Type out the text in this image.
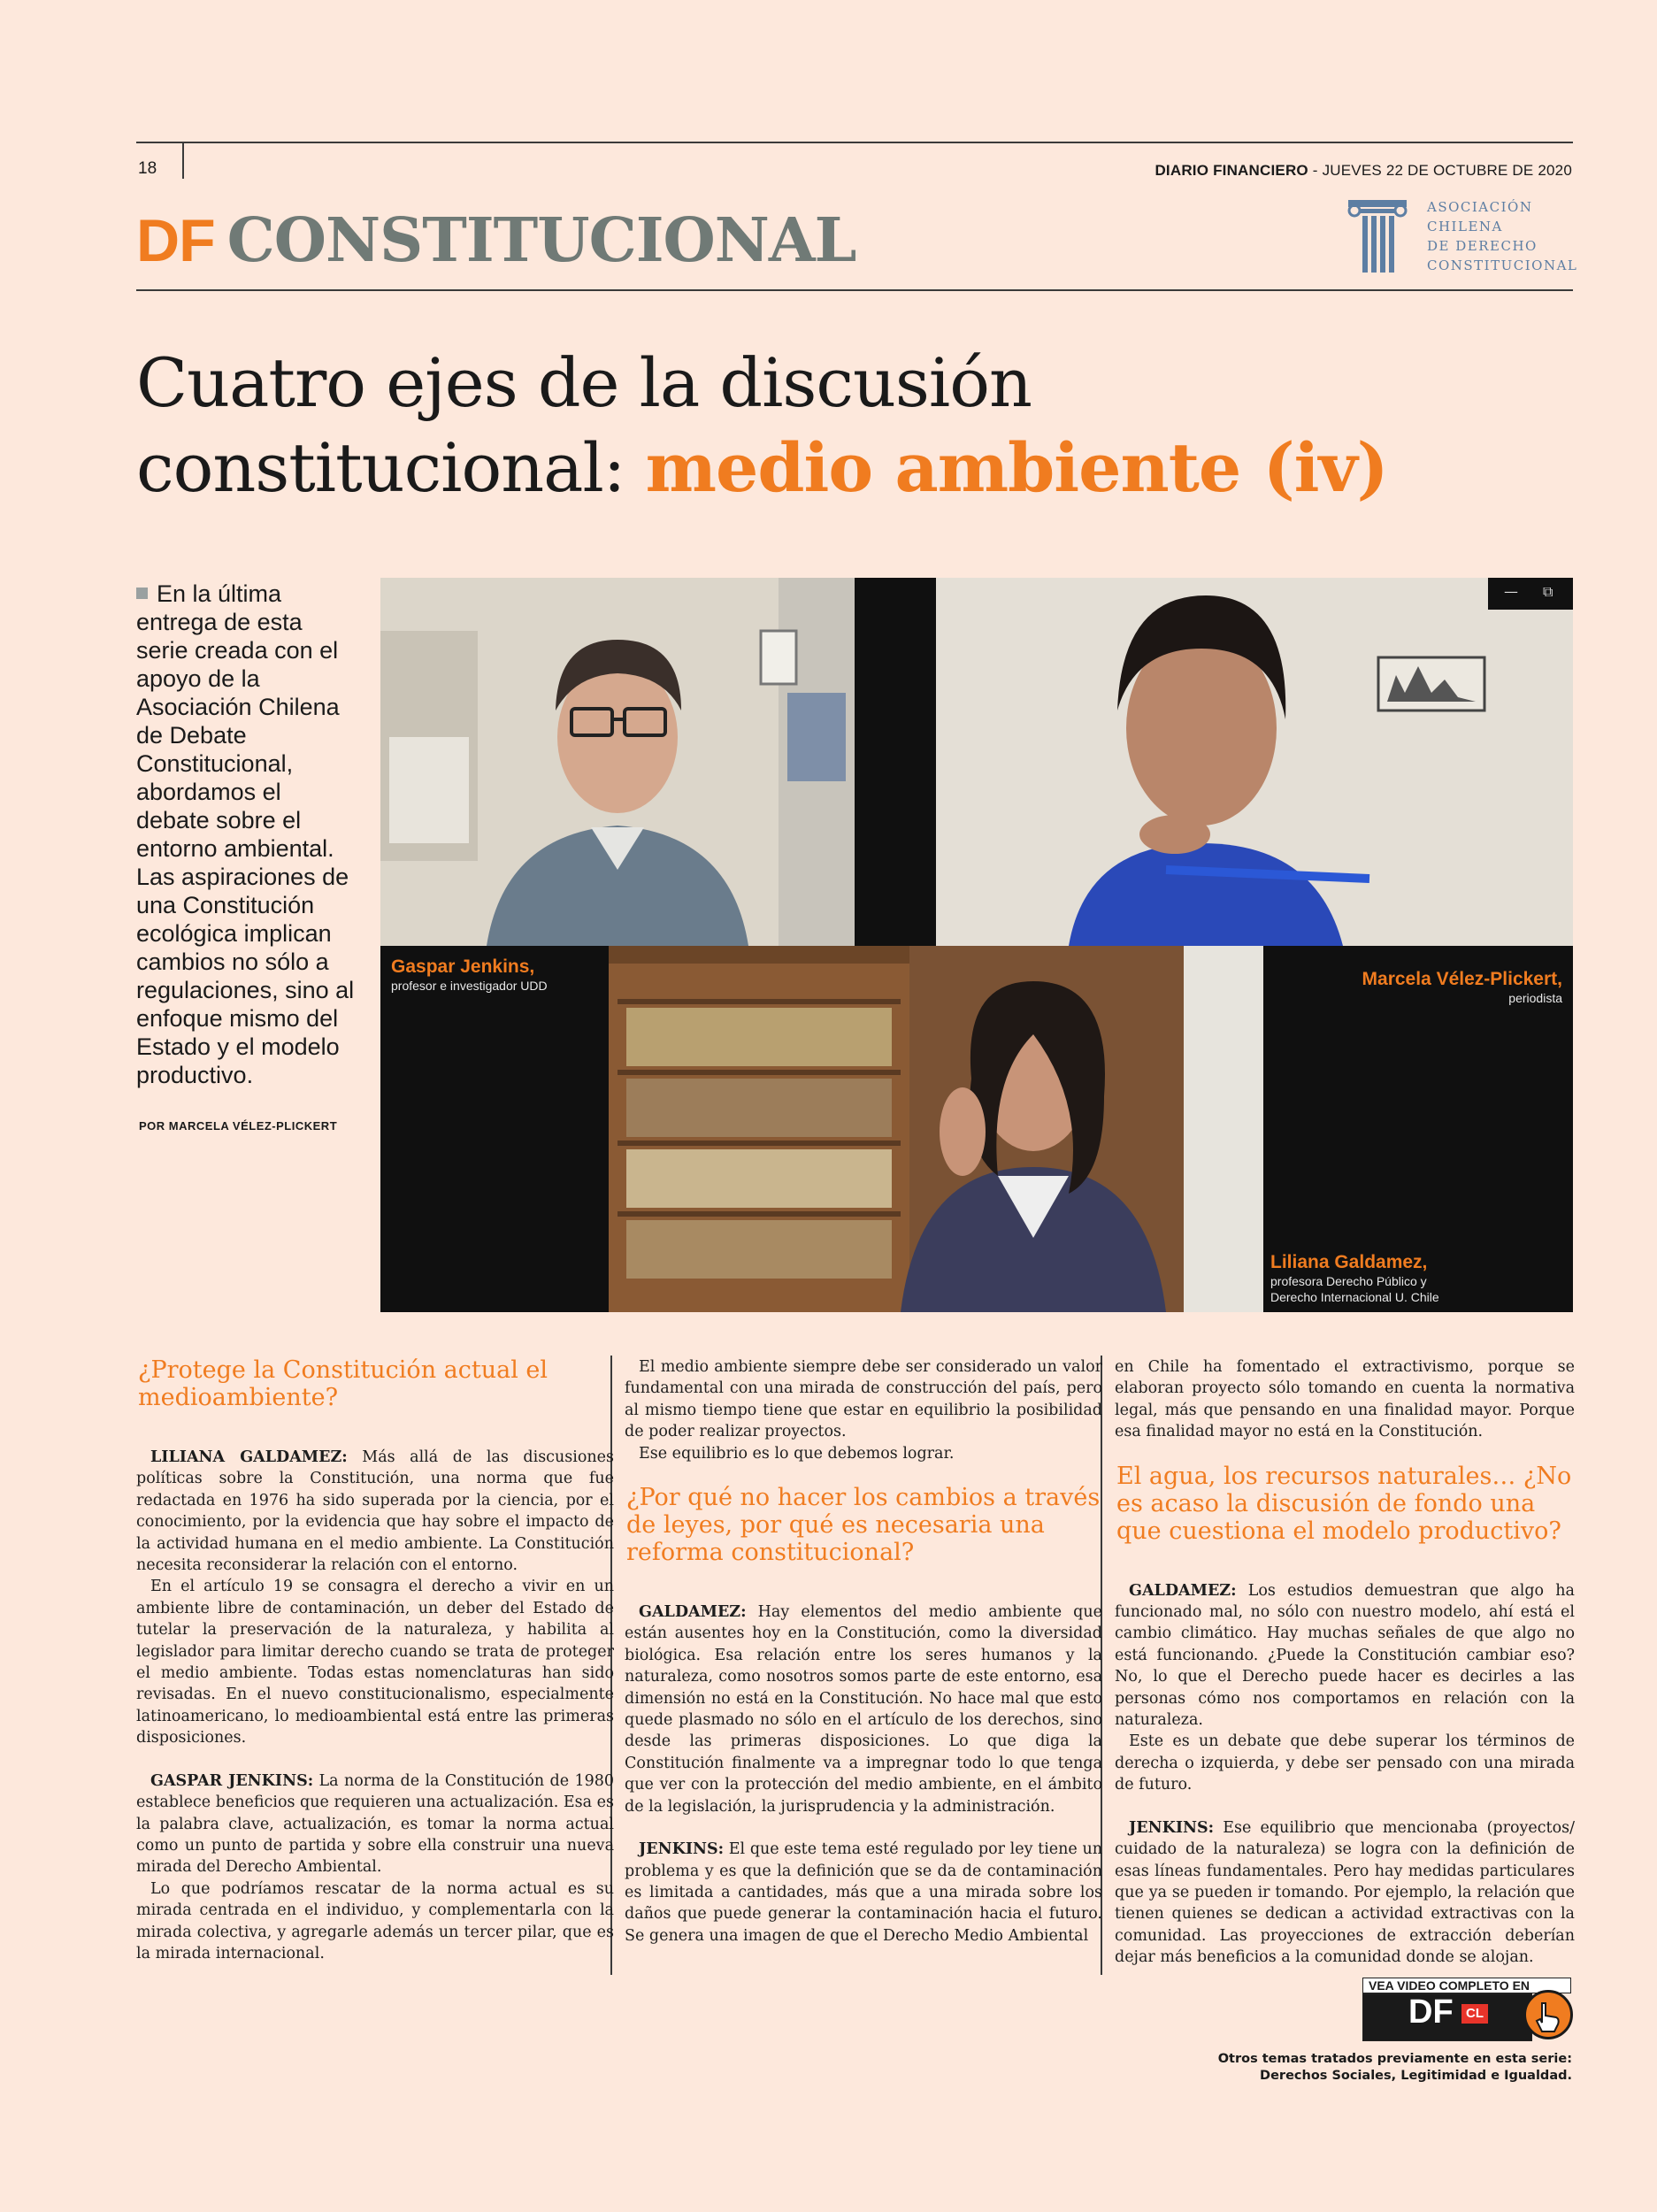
18	DIARIO FINANCIERO - JUEVES 22 DE OCTUBRE DE 2020
DF CONSTITUCIONAL	ASOCIACIÓN
CHILENA
DE DERECHO
CONSTITUCIONAL
Cuatro ejes de la discusión
constitucional: medio ambiente (iv)
En la última entrega de esta serie creada con el apoyo de la Asociación Chilena de Debate Constitucional, abordamos el debate sobre el entorno ambiental. Las aspiraciones de una Constitución ecológica implican cambios no sólo a regulaciones, sino al enfoque mismo del Estado y el modelo productivo.
POR MARCELA VÉLEZ-PLICKERT
— ⧉
Gaspar Jenkins,
profesor e investigador UDD	Marcela Vélez-Plickert,
periodista
Liliana Galdamez,
profesora Derecho Público y
Derecho Internacional U. Chile
¿Protege la Constitución actual el medioambiente?

LILIANA GALDAMEZ: Más allá de las discusiones políticas sobre la Constitución, una norma que fue redactada en 1976 ha sido superada por la ciencia, por el conocimiento, por la evidencia que hay sobre el impacto de la actividad humana en el medio ambiente. La Constitución necesita reconsiderar la relación con el entorno.

En el artículo 19 se consagra el derecho a vivir en un ambiente libre de contaminación, un deber del Estado de tutelar la preservación de la naturaleza, y habilita al legislador para limitar derecho cuando se trata de proteger el medio ambiente. Todas estas nomenclaturas han sido revisadas. En el nuevo constitucionalismo, especialmente latinoamericano, lo medioambiental está entre las primeras disposiciones.

GASPAR JENKINS: La norma de la Constitución de 1980 establece beneficios que requieren una actualización. Esa es la palabra clave, actualización, es tomar la norma actual como un punto de partida y sobre ella construir una nueva mirada del Derecho Ambiental.

Lo que podríamos rescatar de la norma actual es su mirada centrada en el individuo, y complementarla con la mirada colectiva, y agregarle además un tercer pilar, que es la mirada internacional.

El medio ambiente siempre debe ser considerado un valor fundamental con una mirada de construcción del país, pero al mismo tiempo tiene que estar en equilibrio la posibilidad de poder realizar proyectos.

Ese equilibrio es lo que debemos lograr.

¿Por qué no hacer los cambios a través de leyes, por qué es necesaria una reforma constitucional?

GALDAMEZ: Hay elementos del medio ambiente que están ausentes hoy en la Constitución, como la diversidad biológica. Esa relación entre los seres humanos y la naturaleza, como nosotros somos parte de este entorno, esa dimensión no está en la Constitución. No hace mal que esto quede plasmado no sólo en el artículo de los derechos, sino desde las primeras disposiciones. Lo que diga la Constitución finalmente va a impregnar todo lo que tenga que ver con la protección del medio ambiente, en el ámbito de la legislación, la jurisprudencia y la administración.

JENKINS: El que este tema esté regulado por ley tiene un problema y es que la definición que se da de contaminación es limitada a cantidades, más que a una mirada sobre los daños que puede generar la contaminación hacia el futuro. Se genera una imagen de que el Derecho Medio Ambiental

en Chile ha fomentado el extractivismo, porque se elaboran proyecto sólo tomando en cuenta la normativa legal, más que pensando en una finalidad mayor. Porque esa finalidad mayor no está en la Constitución.

El agua, los recursos naturales… ¿No es acaso la discusión de fondo una que cuestiona el modelo productivo?

GALDAMEZ: Los estudios demuestran que algo ha funcionado mal, no sólo con nuestro modelo, ahí está el cambio climático. Hay muchas señales de que algo no está funcionando. ¿Puede la Constitución cambiar eso? No, lo que el Derecho puede hacer es decirles a las personas cómo nos comportamos en relación con la naturaleza.

Este es un debate que debe superar los términos de derecha o izquierda, y debe ser pensado con una mirada de futuro.

JENKINS: Ese equilibrio que mencionaba (proyectos/ cuidado de la naturaleza) se logra con la definición de esas líneas fundamentales. Pero hay medidas particulares que ya se pueden ir tomando. Por ejemplo, la relación que tienen quienes se dedican a actividad extractivas con la comunidad. Las proyecciones de extracción deberían dejar más beneficios a la comunidad donde se alojan.

VEA VIDEO COMPLETO EN
DF CL
Otros temas tratados previamente en esta serie:
Derechos Sociales, Legitimidad e Igualdad.
